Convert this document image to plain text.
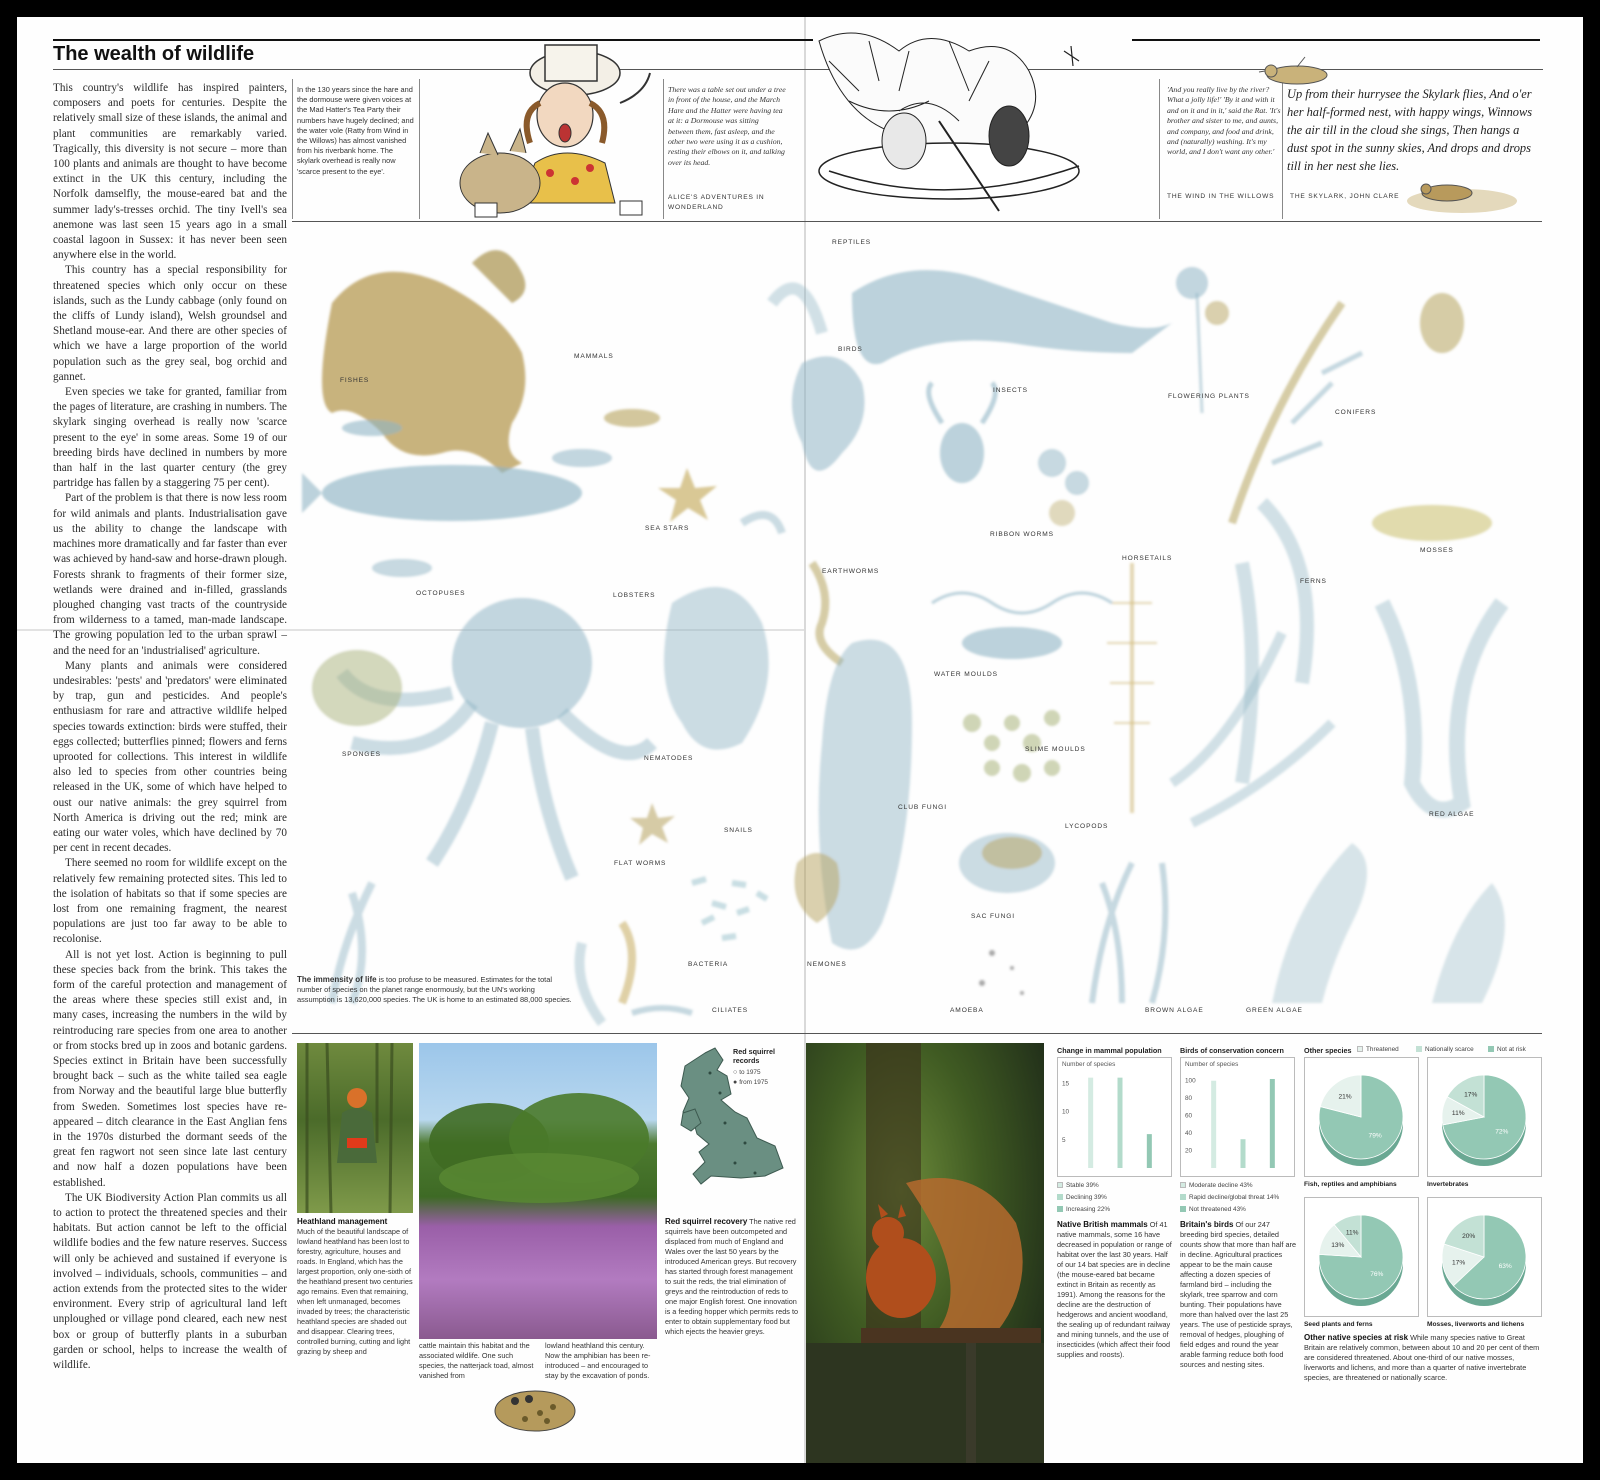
The wealth of wildlife

This country's wildlife has inspired painters, composers and poets for centuries. Despite the relatively small size of these islands, the animal and plant communities are remarkably varied. Tragically, this diversity is not secure – more than 100 plants and animals are thought to have become extinct in the UK this century, including the Norfolk damselfly, the mouse-eared bat and the summer lady's-tresses orchid. The tiny Ivell's sea anemone was last seen 15 years ago in a small coastal lagoon in Sussex: it has never been seen anywhere else in the world.

This country has a special responsibility for threatened species which only occur on these islands, such as the Lundy cabbage (only found on the cliffs of Lundy island), Welsh groundsel and Shetland mouse-ear. And there are other species of which we have a large proportion of the world population such as the grey seal, bog orchid and gannet.

Even species we take for granted, familiar from the pages of literature, are crashing in numbers. The skylark singing overhead is really now 'scarce present to the eye' in some areas. Some 19 of our breeding birds have declined in numbers by more than half in the last quarter century (the grey partridge has fallen by a staggering 75 per cent).

Part of the problem is that there is now less room for wild animals and plants. Industrialisation gave us the ability to change the landscape with machines more dramatically and far faster than ever was achieved by hand-saw and horse-drawn plough. Forests shrank to fragments of their former size, wetlands were drained and in-filled, grasslands ploughed changing vast tracts of the countryside from wilderness to a tamed, man-made landscape. The growing population led to the urban sprawl – and the need for an 'industrialised' agriculture.

Many plants and animals were considered undesirables: 'pests' and 'predators' were eliminated by trap, gun and pesticides. And people's enthusiasm for rare and attractive wildlife helped species towards extinction: birds were stuffed, their eggs collected; butterflies pinned; flowers and ferns uprooted for collections. This interest in wildlife also led to species from other countries being released in the UK, some of which have helped to oust our native animals: the grey squirrel from North America is driving out the red; mink are eating our water voles, which have declined by 70 per cent in recent decades.

There seemed no room for wildlife except on the relatively few remaining protected sites. This led to the isolation of habitats so that if some species are lost from one remaining fragment, the nearest populations are just too far away to be able to recolonise.

All is not yet lost. Action is beginning to pull these species back from the brink. This takes the form of the careful protection and management of the areas where these species still exist and, in many cases, increasing the numbers in the wild by reintroducing rare species from one area to another or from stocks bred up in zoos and botanic gardens. Species extinct in Britain have been successfully brought back – such as the white tailed sea eagle from Norway and the beautiful large blue butterfly from Sweden. Sometimes lost species have re-appeared – ditch clearance in the East Anglian fens in the 1970s disturbed the dormant seeds of the great fen ragwort not seen since late last century and now half a dozen populations have been established.

The UK Biodiversity Action Plan commits us all to action to protect the threatened species and their habitats. But action cannot be left to the official wildlife bodies and the few nature reserves. Success will only be achieved and sustained if everyone is involved – individuals, schools, communities – and action extends from the protected sites to the wider environment. Every strip of agricultural land left unploughed or village pond cleared, each new nest box or group of butterfly plants in a suburban garden or school, helps to increase the wealth of wildlife.

In the 130 years since the hare and the dormouse were given voices at the Mad Hatter's Tea Party their numbers have hugely declined; and the water vole (Ratty from Wind in the Willows) has almost vanished from his riverbank home. The skylark overhead is really now 'scarce present to the eye'.
There was a table set out under a tree in front of the house, and the March Hare and the Hatter were having tea at it: a Dormouse was sitting between them, fast asleep, and the other two were using it as a cushion, resting their elbows on it, and talking over its head.
ALICE'S ADVENTURES IN WONDERLAND
'And you really live by the river? What a jolly life!' 'By it and with it and on it and in it,' said the Rat. 'It's brother and sister to me, and aunts, and company, and food and drink, and (naturally) washing. It's my world, and I don't want any other.'
THE WIND IN THE WILLOWS
Up from their hurrysee the Skylark flies, And o'er her half-formed nest, with happy wings, Winnows the air till in the cloud she sings, Then hangs a dust spot in the sunny skies, And drops and drops till in her nest she lies.
THE SKYLARK, JOHN CLARE
MAMMALS
FISHES
SEA STARS
OCTOPUSES	LOBSTERS
SPONGES
NEMATODES
SNAILS
FLAT WORMS
BACTERIA
CILIATES
REPTILES
BIRDS
INSECTS
FLOWERING PLANTS
CONIFERS
RIBBON WORMS
HORSETAILS
EARTHWORMS
MOSSES
FERNS
WATER MOULDS
SLIME MOULDS
CLUB FUNGI
LYCOPODS
RED ALGAE
SAC FUNGI
NEMONES
AMOEBA	BROWN ALGAE	GREEN ALGAE
The immensity of life is too profuse to be measured. Estimates for the total number of species on the planet range enormously, but the UN's working assumption is 13,620,000 species. The UK is home to an estimated 88,000 species.
Heathland management
Much of the beautiful landscape of lowland heathland has been lost to forestry, agriculture, houses and roads. In England, which has the largest proportion, only one-sixth of the heathland present two centuries ago remains. Even that remaining, when left unmanaged, becomes invaded by trees; the characteristic heathland species are shaded out and disappear. Clearing trees, controlled burning, cutting and light grazing by sheep and
cattle maintain this habitat and the associated wildlife. One such species, the natterjack toad, almost vanished from
lowland heathland this century. Now the amphibian has been re-introduced – and encouraged to stay by the excavation of ponds.
Red squirrel records
○ to 1975
● from 1975
Red squirrel recovery The native red squirrels have been outcompeted and displaced from much of England and Wales over the last 50 years by the introduced American greys. But recovery has started through forest management to suit the reds, the trial elimination of greys and the reintroduction of reds to one major English forest. One innovation is a feeding hopper which permits reds to enter to obtain supplementary food but which ejects the heavier greys.
Change in mammal population
Number of species
5
10
15
Stable 39%
Declining 39%
Increasing 22%
Birds of conservation concern
Number of species
20
40
60
80
100
Moderate decline 43%
Rapid decline/global threat 14%
Not threatened 43%
Native British mammals Of 41 native mammals, some 16 have decreased in population or range of habitat over the last 30 years. Half of our 14 bat species are in decline (the mouse-eared bat became extinct in Britain as recently as 1991). Among the reasons for the decline are the destruction of hedgerows and ancient woodland, the sealing up of redundant railway and mining tunnels, and the use of insecticides (which affect their food supplies and roosts).
Britain's birds Of our 247 breeding bird species, detailed counts show that more than half are in decline. Agricultural practices appear to be the main cause affecting a dozen species of farmland bird – including the skylark, tree sparrow and corn bunting. Their populations have more than halved over the last 25 years. The use of pesticide sprays, removal of hedges, ploughing of field edges and round the year arable farming reduce both food sources and nesting sites.
Other species	Threatened	Nationally scarce	Not at risk
79%
21%
72%
11%
17%
76%
13%
11%
63%
17%
20%
Fish, reptiles and amphibians	Invertebrates
Seed plants and ferns	Mosses, liverworts and lichens
Other native species at risk While many species native to Great Britain are relatively common, between about 10 and 20 per cent of them are considered threatened. About one-third of our native mosses, liverworts and lichens, and more than a quarter of native invertebrate species, are threatened or nationally scarce.
